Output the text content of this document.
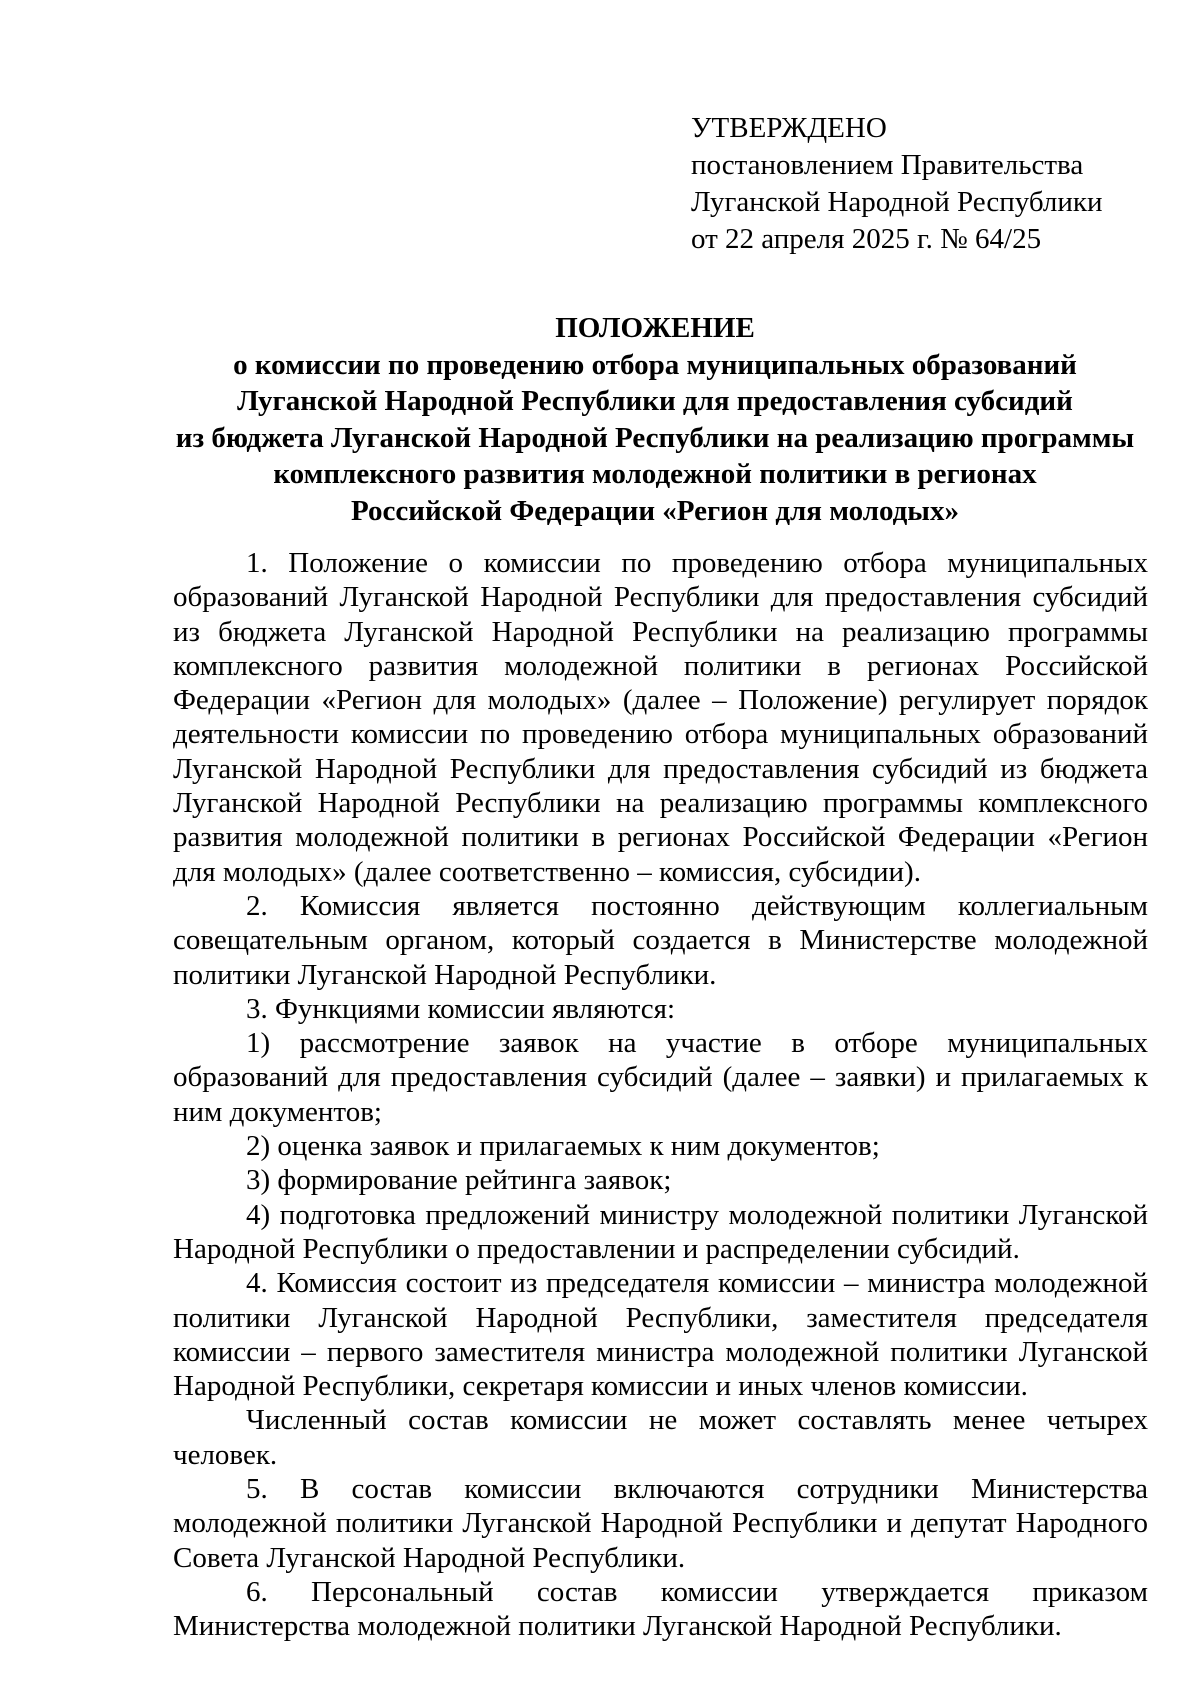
УТВЕРЖДЕНО
постановлением Правительства
Луганской Народной Республики
от 22 апреля 2025 г. № 64/25
ПОЛОЖЕНИЕ
о комиссии по проведению отбора муниципальных образований
Луганской Народной Республики для предоставления субсидий
из бюджета Луганской Народной Республики на реализацию программы
комплексного развития молодежной политики в регионах
Российской Федерации «Регион для молодых»

1. Положение о комиссии по проведению отбора муниципальных образований Луганской Народной Республики для предоставления субсидий из бюджета Луганской Народной Республики на реализацию программы комплексного развития молодежной политики в регионах Российской Федерации «Регион для молодых» (далее – Положение) регулирует порядок деятельности комиссии по проведению отбора муниципальных образований Луганской Народной Республики для предоставления субсидий из бюджета Луганской Народной Республики на реализацию программы комплексного развития молодежной политики в регионах Российской Федерации «Регион для молодых» (далее соответственно – комиссия, субсидии).

2. Комиссия является постоянно действующим коллегиальным совещательным органом, который создается в Министерстве молодежной политики Луганской Народной Республики.

3. Функциями комиссии являются:

1) рассмотрение заявок на участие в отборе муниципальных образований для предоставления субсидий (далее – заявки) и прилагаемых к ним документов;

2) оценка заявок и прилагаемых к ним документов;

3) формирование рейтинга заявок;

4) подготовка предложений министру молодежной политики Луганской Народной Республики о предоставлении и распределении субсидий.

4. Комиссия состоит из председателя комиссии – министра молодежной политики Луганской Народной Республики, заместителя председателя комиссии – первого заместителя министра молодежной политики Луганской Народной Республики, секретаря комиссии и иных членов комиссии.

Численный состав комиссии не может составлять менее четырех человек.

5. В состав комиссии включаются сотрудники Министерства молодежной политики Луганской Народной Республики и депутат Народного Совета Луганской Народной Республики.

6. Персональный состав комиссии утверждается приказом Министерства молодежной политики Луганской Народной Республики.
